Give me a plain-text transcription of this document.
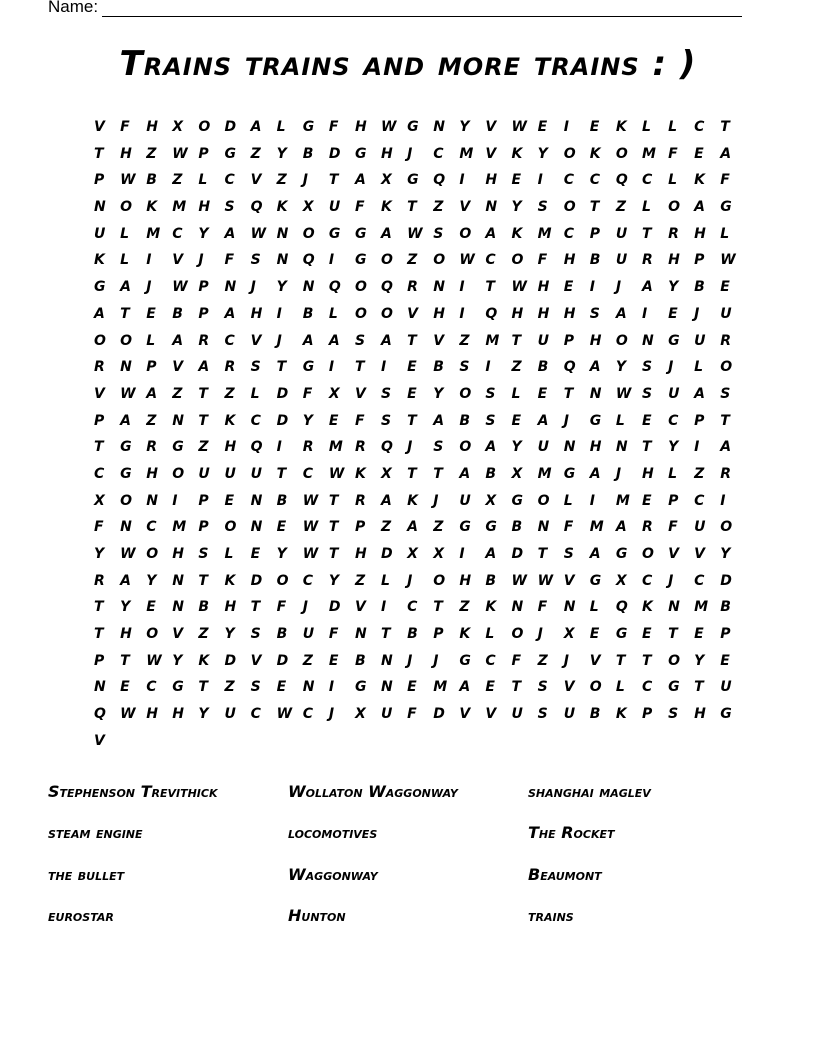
Name:
Trains trains and more trains : )
V	F	H	X	O	D	A	L	G	F	H	W G	N	Y	V	W E	I	E	K	L	L	C	T
T	H	Z	W P	G	Z	Y	B	D	G	H	J	C	M V	K	Y	O	K	O	M F	E	A
P	W B	Z	L	C	V	Z	J	T	A	X	G	Q	I	H	E	I	C	C	Q	C	L	K	F
N	O	K	M H	S	Q	K	X	U	F	K	T	Z	V	N	Y	S	O	T	Z	L	O	A	G
U	L	M C	Y	A	W N	O	G	G	A	W S	O	A	K	M C	P	U	T	R	H	L
K	L	I	V	J	F	S	N	Q	I	G	O	Z	O	W C	O	F	H	B	U	R	H	P	W
G	A	J	W P	N	J	Y	N	Q	O	Q	R	N	I	T	W H	E	I	J	A	Y	B	E
A	T	E	B	P	A	H	I	B	L	O	O	V	H	I	Q	H	H	H	S	A	I	E	J	U
O	O	L	A	R	C	V	J	A	A	S	A	T	V	Z	M T	U	P	H	O	N	G	U	R
R	N	P	V	A	R	S	T	G	I	T	I	E	B	S	I	Z	B	Q	A	Y	S	J	L	O
V	W A	Z	T	Z	L	D	F	X	V	S	E	Y	O	S	L	E	T	N	W S	U	A	S
P	A	Z	N	T	K	C	D	Y	E	F	S	T	A	B	S	E	A	J	G	L	E	C	P	T
T	G	R	G	Z	H	Q	I	R	M R	Q	J	S	O	A	Y	U	N	H	N	T	Y	I	A
C	G	H	O	U	U	U	T	C	W K	X	T	T	A	B	X	M G	A	J	H	L	Z	R
X	O	N	I	P	E	N	B	W T	R	A	K	J	U	X	G	O	L	I	M E	P	C	I
F	N	C	M P	O	N	E	W T	P	Z	A	Z	G	G	B	N	F	M A	R	F	U	O
Y	W O	H	S	L	E	Y	W T	H	D	X	X	I	A	D	T	S	A	G	O	V	V	Y
R	A	Y	N	T	K	D	O	C	Y	Z	L	J	O	H	B	W W V	G	X	C	J	C	D
T	Y	E	N	B	H	T	F	J	D	V	I	C	T	Z	K	N	F	N	L	Q	K	N	M B
T	H	O	V	Z	Y	S	B	U	F	N	T	B	P	K	L	O	J	X	E	G	E	T	E	P
P	T	W Y	K	D	V	D	Z	E	B	N	J	J	G	C	F	Z	J	V	T	T	O	Y	E
N	E	C	G	T	Z	S	E	N	I	G	N	E	M A	E	T	S	V	O	L	C	G	T	U
Q	W H	H	Y	U	C	W C	J	X	U	F	D	V	V	U	S	U	B	K	P	S	H	G
V
Stephenson Trevithick	Wollaton Waggonway	shanghai maglev
steam engine	locomotives	The Rocket
the bullet	Waggonway	Beaumont
eurostar	Hunton	trains
